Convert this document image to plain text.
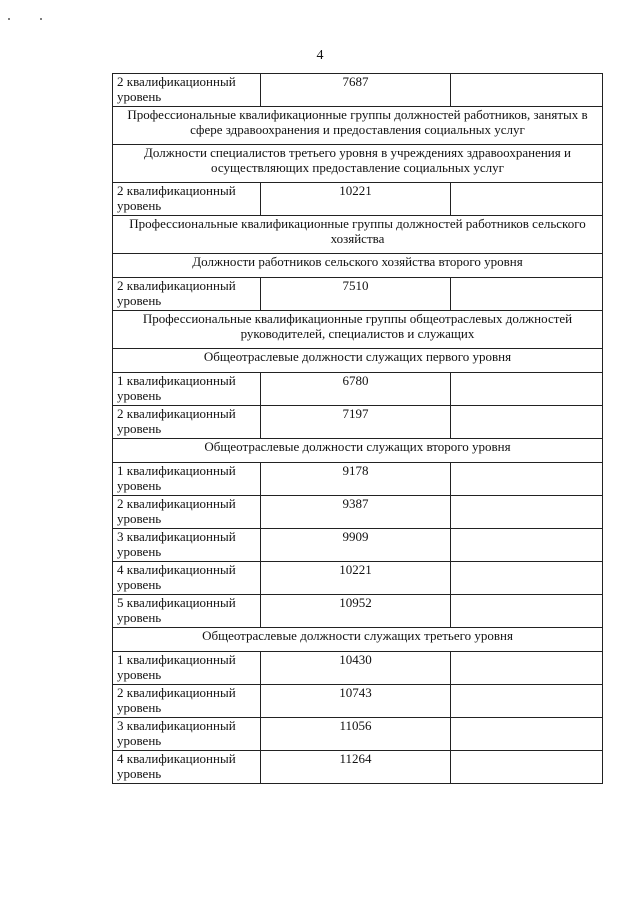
4
2 квалификационный уровень	7687	
Профессиональные квалификационные группы должностей работников, занятых в сфере здравоохранения и предоставления социальных услуг		
Должности специалистов третьего уровня в учреждениях здравоохранения и осуществляющих предоставление социальных услуг		
2 квалификационный уровень	10221	
Профессиональные квалификационные группы должностей работников сельского хозяйства		
Должности работников сельского хозяйства второго уровня		
2 квалификационный уровень	7510	
Профессиональные квалификационные группы общеотраслевых должностей руководителей, специалистов и служащих		
Общеотраслевые должности служащих первого уровня		
1 квалификационный уровень	6780	
2 квалификационный уровень	7197	
Общеотраслевые должности служащих второго уровня		
1 квалификационный уровень	9178	
2 квалификационный уровень	9387	
3 квалификационный уровень	9909	
4 квалификационный уровень	10221	
5 квалификационный уровень	10952	
Общеотраслевые должности служащих третьего уровня		
1 квалификационный уровень	10430	
2 квалификационный уровень	10743	
3 квалификационный уровень	11056	
4 квалификационный уровень	11264	
